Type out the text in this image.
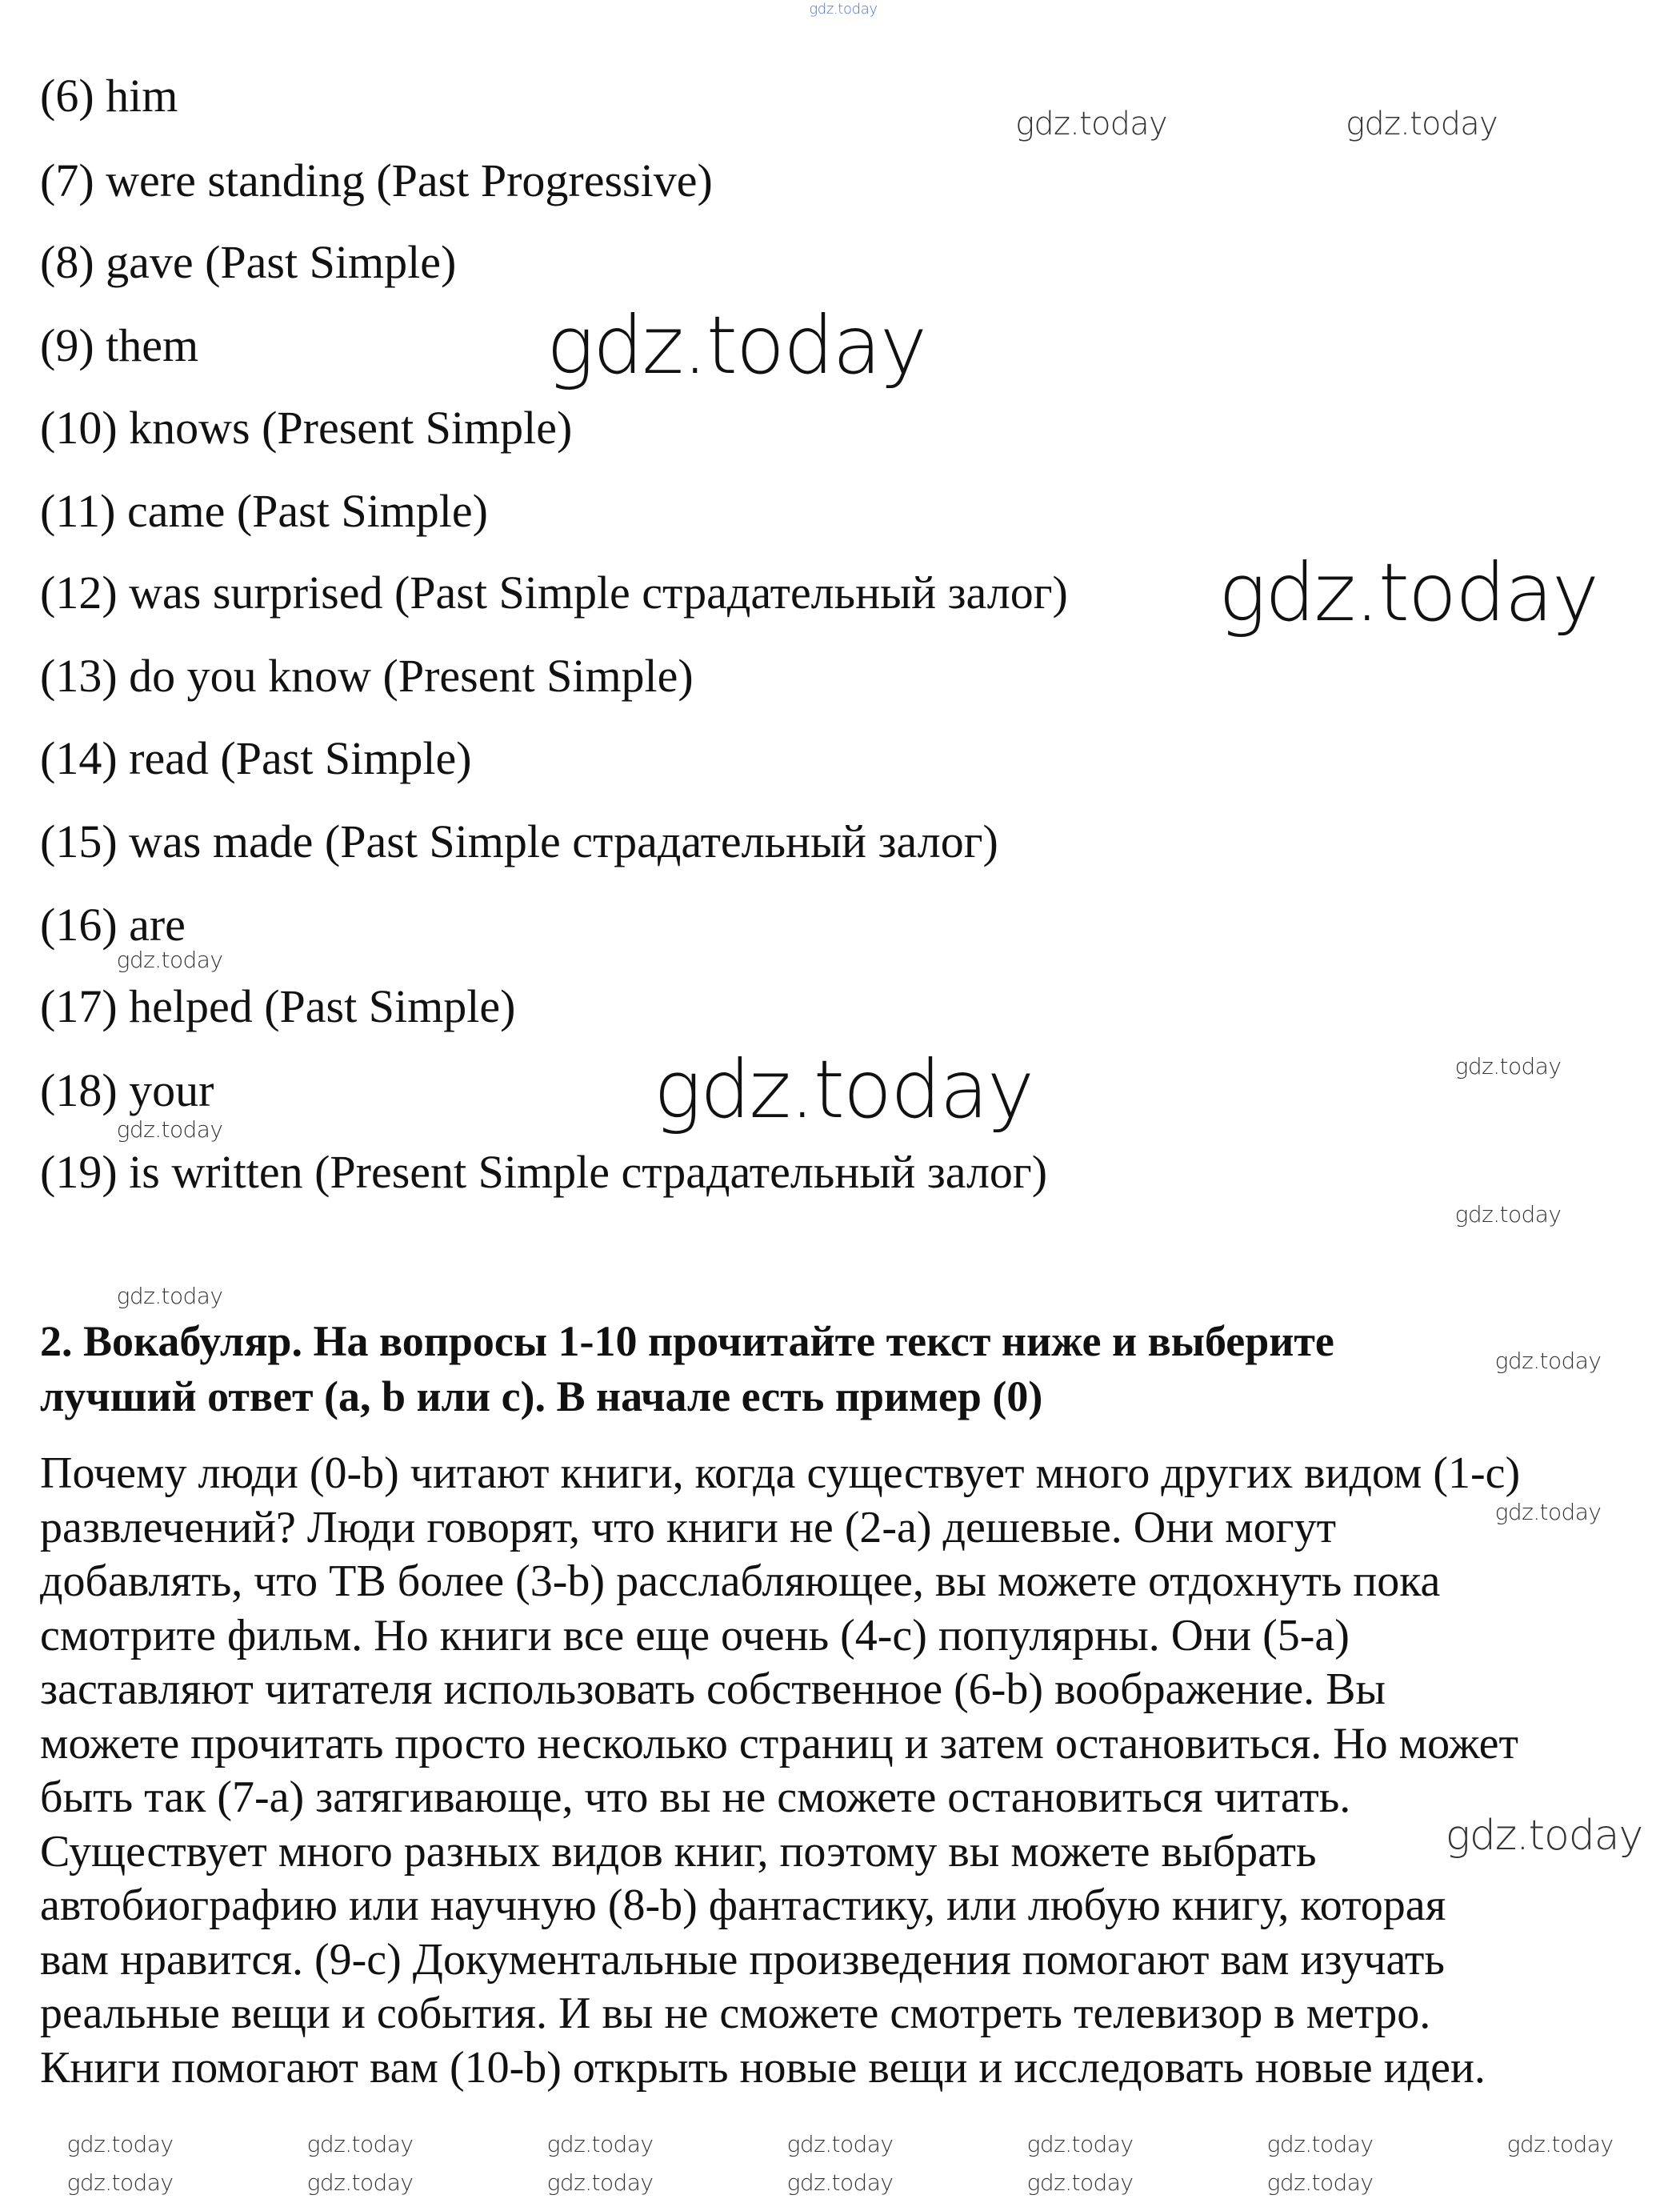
(6) him
(7) were standing (Past Progressive)
(8) gave (Past Simple)
(9) them
(10) knows (Present Simple)
(11) came (Past Simple)
(12) was surprised (Past Simple страдательный залог)
(13) do you know (Present Simple)
(14) read (Past Simple)
(15) was made (Past Simple страдательный залог)
(16) are
(17) helped (Past Simple)
(18) your
(19) is written (Present Simple страдательный залог)
2. Вокабуляр. На вопросы 1-10 прочитайте текст ниже и выберите
лучший ответ (a, b или c). В начале есть пример (0)
Почему люди (0-b) читают книги, когда существует много других видом (1-c)
развлечений? Люди говорят, что книги не (2-a) дешевые. Они могут
добавлять, что ТВ более (3-b) расслабляющее, вы можете отдохнуть пока
смотрите фильм. Но книги все еще очень (4-c) популярны. Они (5-a)
заставляют читателя использовать собственное (6-b) воображение. Вы
можете прочитать просто несколько страниц и затем остановиться. Но может
быть так (7-a) затягивающе, что вы не сможете остановиться читать.
Существует много разных видов книг, поэтому вы можете выбрать
автобиографию или научную (8-b) фантастику, или любую книгу, которая
вам нравится. (9-c) Документальные произведения помогают вам изучать
реальные вещи и события. И вы не сможете смотреть телевизор в метро.
Книги помогают вам (10-b) открыть новые вещи и исследовать новые идеи.
gdz.today
gdz.today	gdz.today
gdz.today
gdz.today
gdz.today
gdz.today
gdz.today
gdz.today
gdz.today
gdz.today
gdz.today
gdz.today
gdz.today	gdz.today	gdz.today	gdz.today	gdz.today	gdz.today	gdz.today
gdz.today
gdz.today	gdz.today	gdz.today	gdz.today	gdz.today	gdz.today
